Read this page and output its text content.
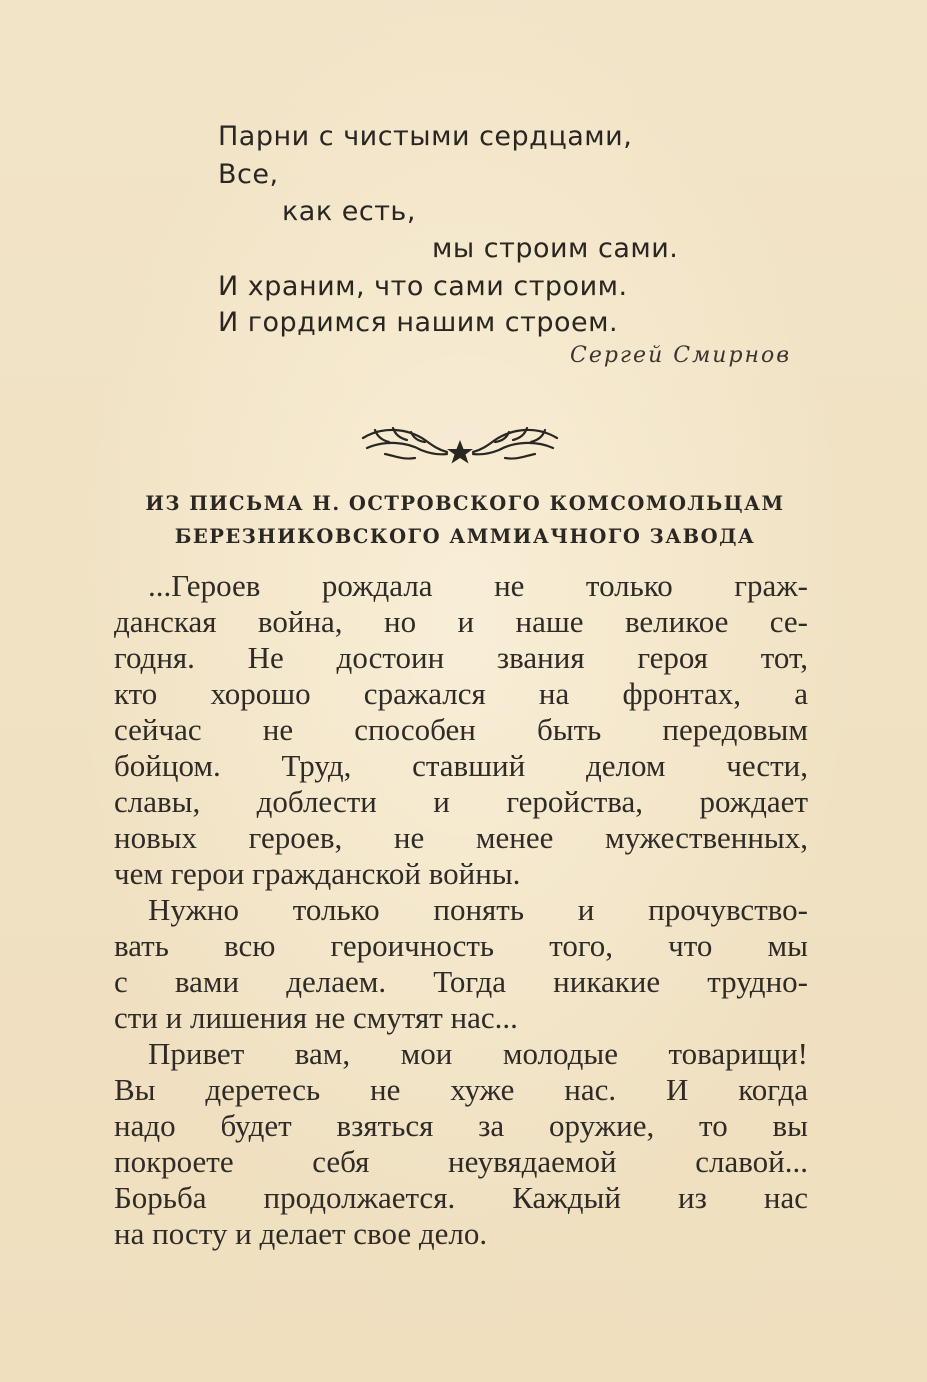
Парни с чистыми сердцами,
Все,
как есть,
мы строим сами.
И храним, что сами строим.
И гордимся нашим строем.
Сергей Смирнов
ИЗ ПИСЬМА Н. ОСТРОВСКОГО КОМСОМОЛЬЦАМ
БЕРЕЗНИКОВСКОГО АММИАЧНОГО ЗАВОДА
...Героев рождала не только граж-
данская война, но и наше великое се-
годня. Не достоин звания героя тот,
кто хорошо сражался на фронтах, а
сейчас не способен быть передовым
бойцом. Труд, ставший делом чести,
славы, доблести и геройства, рождает
новых героев, не менее мужественных,
чем герои гражданской войны.
Нужно только понять и прочувство-
вать всю героичность того, что мы
с вами делаем. Тогда никакие трудно-
сти и лишения не смутят нас...
Привет вам, мои молодые товарищи!
Вы деретесь не хуже нас. И когда
надо будет взяться за оружие, то вы
покроете себя неувядаемой славой...
Борьба продолжается. Каждый из нас
на посту и делает свое дело.
